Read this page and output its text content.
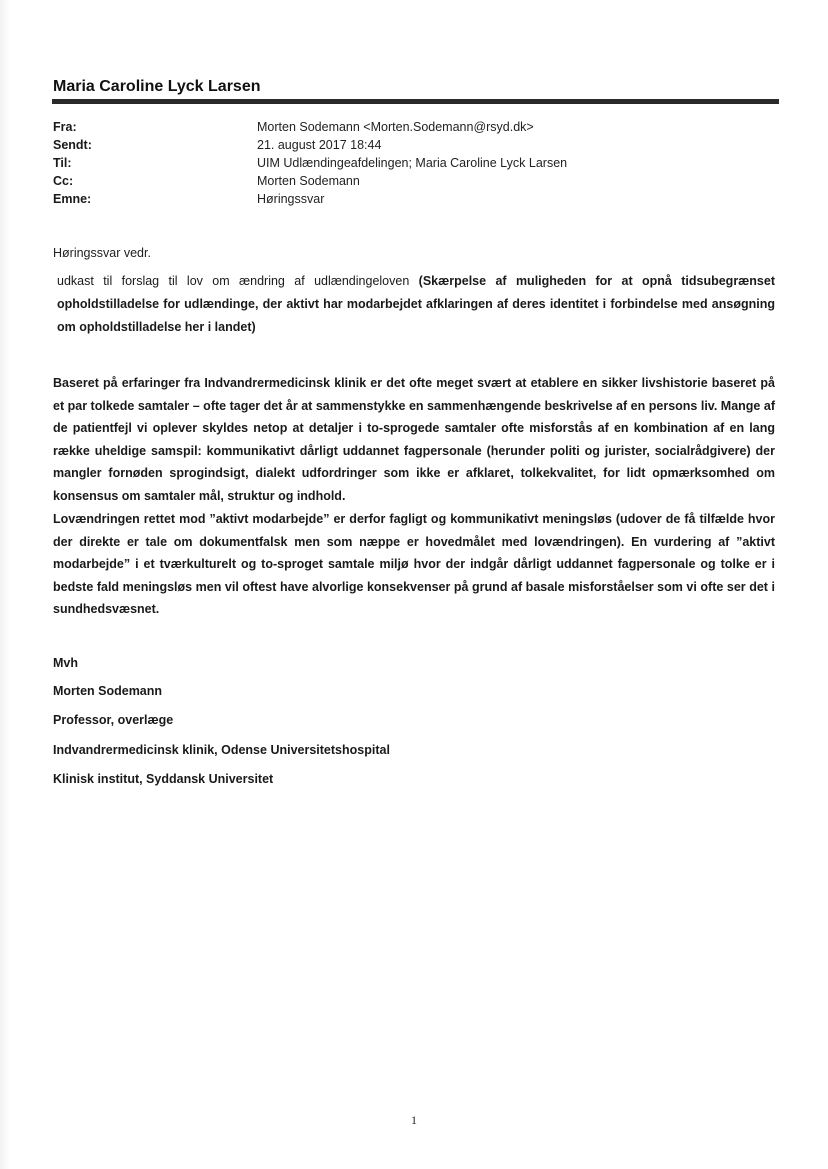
Maria Caroline Lyck Larsen
Fra:	Morten Sodemann <Morten.Sodemann@rsyd.dk>
Sendt:	21. august 2017 18:44
Til:	UIM Udlændingeafdelingen; Maria Caroline Lyck Larsen
Cc:	Morten Sodemann
Emne:	Høringssvar
Høringssvar vedr.
udkast til forslag til lov om ændring af udlændingeloven (Skærpelse af muligheden for at opnå tidsubegrænset opholdstilladelse for udlændinge, der aktivt har modarbejdet afklaringen af deres identitet i forbindelse med ansøgning om opholdstilladelse her i landet)

Baseret på erfaringer fra Indvandrermedicinsk klinik er det ofte meget svært at etablere en sikker livshistorie baseret på et par tolkede samtaler – ofte tager det år at sammenstykke en sammenhængende beskrivelse af en persons liv. Mange af de patientfejl vi oplever skyldes netop at detaljer i to-sprogede samtaler ofte misforstås af en kombination af en lang række uheldige samspil: kommunikativt dårligt uddannet fagpersonale (herunder politi og jurister, socialrådgivere) der mangler fornøden sprogindsigt, dialekt udfordringer som ikke er afklaret, tolkekvalitet, for lidt opmærksomhed om konsensus om samtaler mål, struktur og indhold.

Lovændringen rettet mod ”aktivt modarbejde” er derfor fagligt og kommunikativt meningsløs (udover de få tilfælde hvor der direkte er tale om dokumentfalsk men som næppe er hovedmålet med lovændringen). En vurdering af ”aktivt modarbejde” i et tværkulturelt og to-sproget samtale miljø hvor der indgår dårligt uddannet fagpersonale og tolke er i bedste fald meningsløs men vil oftest have alvorlige konsekvenser på grund af basale misforståelser som vi ofte ser det i sundhedsvæsnet.

Mvh
Morten Sodemann
Professor, overlæge
Indvandrermedicinsk klinik, Odense Universitetshospital
Klinisk institut, Syddansk Universitet
1
